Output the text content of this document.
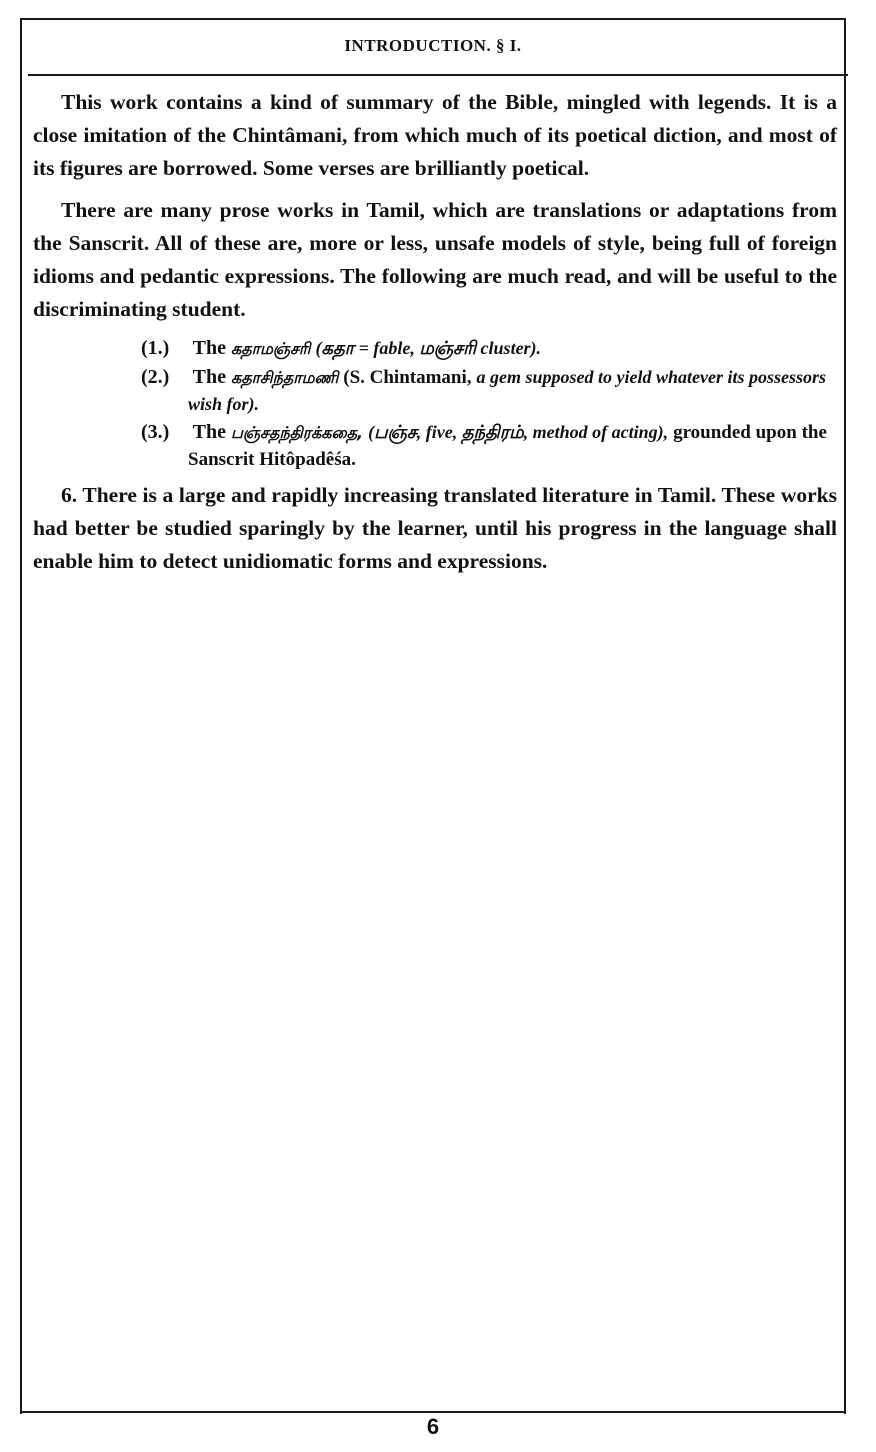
INTRODUCTION. § I.

This work contains a kind of summary of the Bible, mingled with legends. It is a close imitation of the Chintâmani, from which much of its poetical diction, and most of its figures are borrowed. Some verses are brilliantly poetical.

There are many prose works in Tamil, which are translations or adaptations from the Sanscrit. All of these are, more or less, unsafe models of style, being full of foreign idioms and pedantic expressions. The following are much read, and will be useful to the discriminating student.

(1.) The கதாமஞ்சரி (கதா = fable, மஞ்சரி cluster).
(2.) The கதாசிந்தாமணி (S. Chintamani, a gem supposed to yield whatever its possessors wish for).
(3.) The பஞ்சதந்திரக்கதை, (பஞ்ச, five, தந்திரம், method of acting), grounded upon the Sanscrit Hitôpadêśa.

6. There is a large and rapidly increasing translated literature in Tamil. These works had better be studied sparingly by the learner, until his progress in the language shall enable him to detect unidiomatic forms and expressions.

6
